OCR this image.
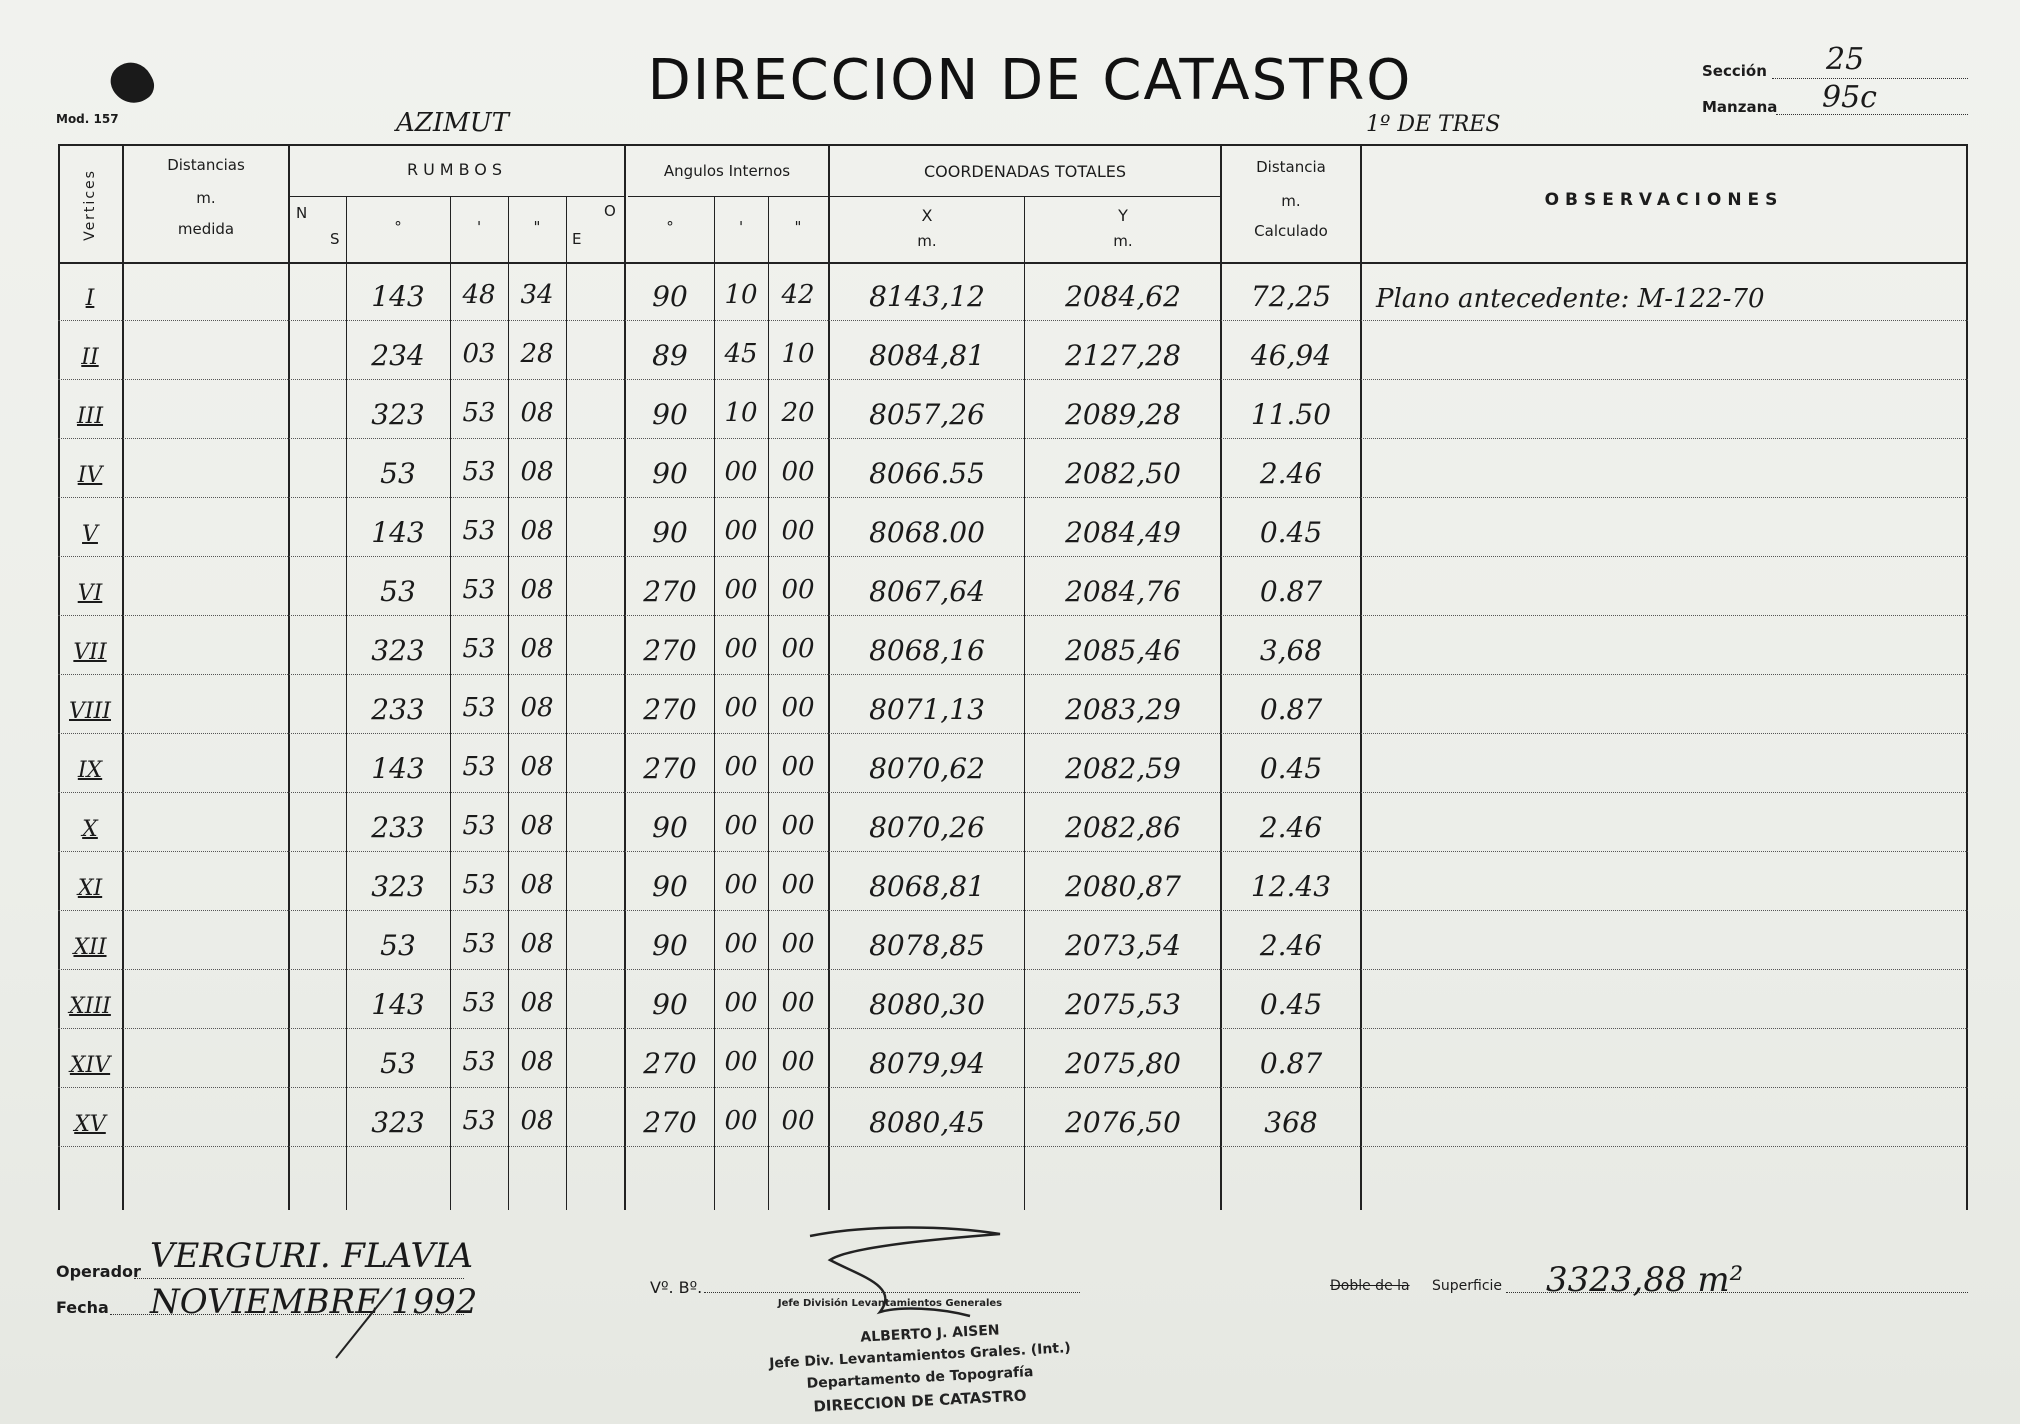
DIRECCION DE CATASTRO
Mod. 157
Sección 25
Manzana 95c
AZIMUT	1º DE TRES
Vertices
Distancias
m.
medida
RUMBOS
N
S
°	'	"
E
O
Angulos Internos
°	'	"
COORDENADAS TOTALES
X
m.
Y
m.
Distancia
m.
Calculado
OBSERVACIONES
I	143	48 34	90	10 42	8143,12	2084,62	72,25	Plano antecedente: M-122-70
II	234	03 28	89	45 10	8084,81	2127,28	46,94
III	323	53 08	90	10 20	8057,26	2089,28	11.50
IV	53	53 08	90	00 00	8066.55	2082,50	2.46
V	143	53 08	90	00 00	8068.00	2084,49	0.45
VI	53	53 08	270	00 00	8067,64	2084,76	0.87
VII	323	53 08	270	00 00	8068,16	2085,46	3,68
VIII	233	53 08	270	00 00	8071,13	2083,29	0.87
IX	143	53 08	270	00 00	8070,62	2082,59	0.45
X	233	53 08	90	00 00	8070,26	2082,86	2.46
XI	323	53 08	90	00 00	8068,81	2080,87	12.43
XII	53	53 08	90	00 00	8078,85	2073,54	2.46
XIII	143	53 08	90	00 00	8080,30	2075,53	0.45
XIV	53	53 08	270	00 00	8079,94	2075,80	0.87
XV	323	53 08	270	00 00	8080,45	2076,50	368
Operador VERGURI. FLAVIA
Fecha NOVIEMBRE 1992	Vº. Bº.
Jefe División Levantamientos Generales
ALBERTO J. AISEN
Jefe Div. Levantamientos Grales. (Int.)
Departamento de Topografía
DIRECCION DE CATASTRO
Doble de la Superficie 3323,88 m²
